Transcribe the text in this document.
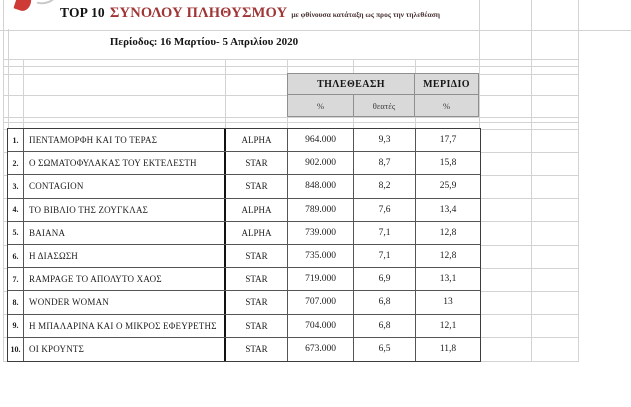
TOP 10 ΣΥΝΟΛΟΥ ΠΛΗΘΥΣΜΟΥ με φθίνουσα κατάταξη ως προς την τηλεθέαση
Περίοδος: 16 Μαρτίου- 5 Απριλίου 2020
ΤΗΛΕΘΕΑΣΗ	ΜΕΡΙΔΙΟ
%	θεατές	%
1.	ΠΕΝΤΑΜΟΡΦΗ ΚΑΙ ΤΟ ΤΕΡΑΣ	ALPHA	964.000	9,3	17,7
2.	Ο ΣΩΜΑΤΟΦΥΛΑΚΑΣ ΤΟΥ ΕΚΤΕΛΕΣΤΗ	STAR	902.000	8,7	15,8
3.	CONTAGION	STAR	848.000	8,2	25,9
4.	ΤΟ ΒΙΒΛΙΟ ΤΗΣ ΖΟΥΓΚΛΑΣ	ALPHA	789.000	7,6	13,4
5.	ΒΑΙΑΝΑ	ALPHA	739.000	7,1	12,8
6.	Η ΔΙΑΣΩΣΗ	STAR	735.000	7,1	12,8
7.	RAMPAGE ΤΟ ΑΠΟΛΥΤΟ ΧΑΟΣ	STAR	719.000	6,9	13,1
8.	WONDER WOMAN	STAR	707.000	6,8	13
9.	Η ΜΠΑΛΑΡΙΝΑ ΚΑΙ Ο ΜΙΚΡΟΣ ΕΦΕΥΡΕΤΗΣ	STAR	704.000	6,8	12,1
10. ΟΙ ΚΡΟΥΝΤΣ	STAR	673.000	6,5	11,8
